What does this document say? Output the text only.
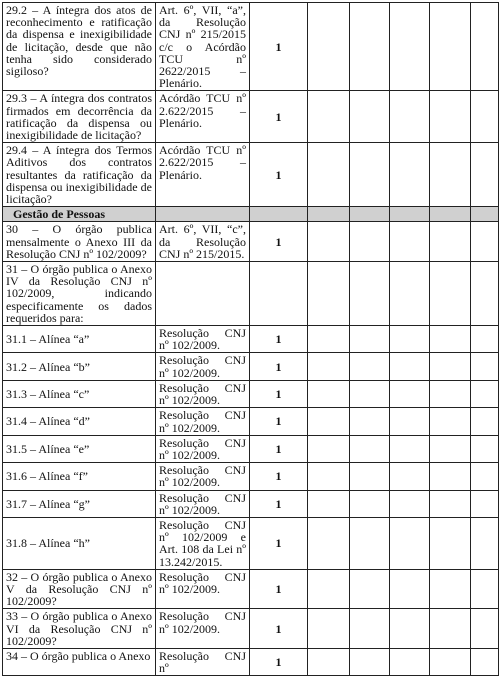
29.2 – A íntegra dos atos de reconhecimento e ratificação da dispensa e inexigibilidade de licitação, desde que não tenha sido considerado sigiloso?	Art. 6º, VII, “a”, da Resolução CNJ nº 215/2015 c/c o Acórdão TCU nº 2622/2015 – Plenário.	1					
29.3 – A íntegra dos contratos firmados em decorrência da ratificação da dispensa ou inexigibilidade de licitação?	Acórdão TCU nº 2.622/2015 – Plenário.	1					
29.4 – A íntegra dos Termos Aditivos dos contratos resultantes da ratificação da dispensa ou inexigibilidade de licitação?	Acórdão TCU nº 2.622/2015 – Plenário.	1					
Gestão de Pessoas							
30 – O órgão publica mensalmente o Anexo III da Resolução CNJ nº 102/2009?	Art. 6º, VII, “c”, da Resolução CNJ nº 215/2015.	1					
31 – O órgão publica o Anexo IV da Resolução CNJ nº 102/2009, indicando especificamente os dados requeridos para:							
31.1 – Alínea “a”	Resolução CNJ nº 102/2009.	1					
31.2 – Alínea “b”	Resolução CNJ nº 102/2009.	1					
31.3 – Alínea “c”	Resolução CNJ nº 102/2009.	1					
31.4 – Alínea “d”	Resolução CNJ nº 102/2009.	1					
31.5 – Alínea “e”	Resolução CNJ nº 102/2009.	1					
31.6 – Alínea “f”	Resolução CNJ nº 102/2009.	1					
31.7 – Alínea “g”	Resolução CNJ nº 102/2009.	1					
31.8 – Alínea “h”	Resolução CNJ nº 102/2009 e Art. 108 da Lei nº 13.242/2015.	1					
32 – O órgão publica o Anexo V da Resolução CNJ nº 102/2009?	Resolução CNJ nº 102/2009.	1					
33 – O órgão publica o Anexo VI da Resolução CNJ nº 102/2009?	Resolução CNJ nº 102/2009.	1					
34 – O órgão publica o Anexo	Resolução CNJ nº	1					
